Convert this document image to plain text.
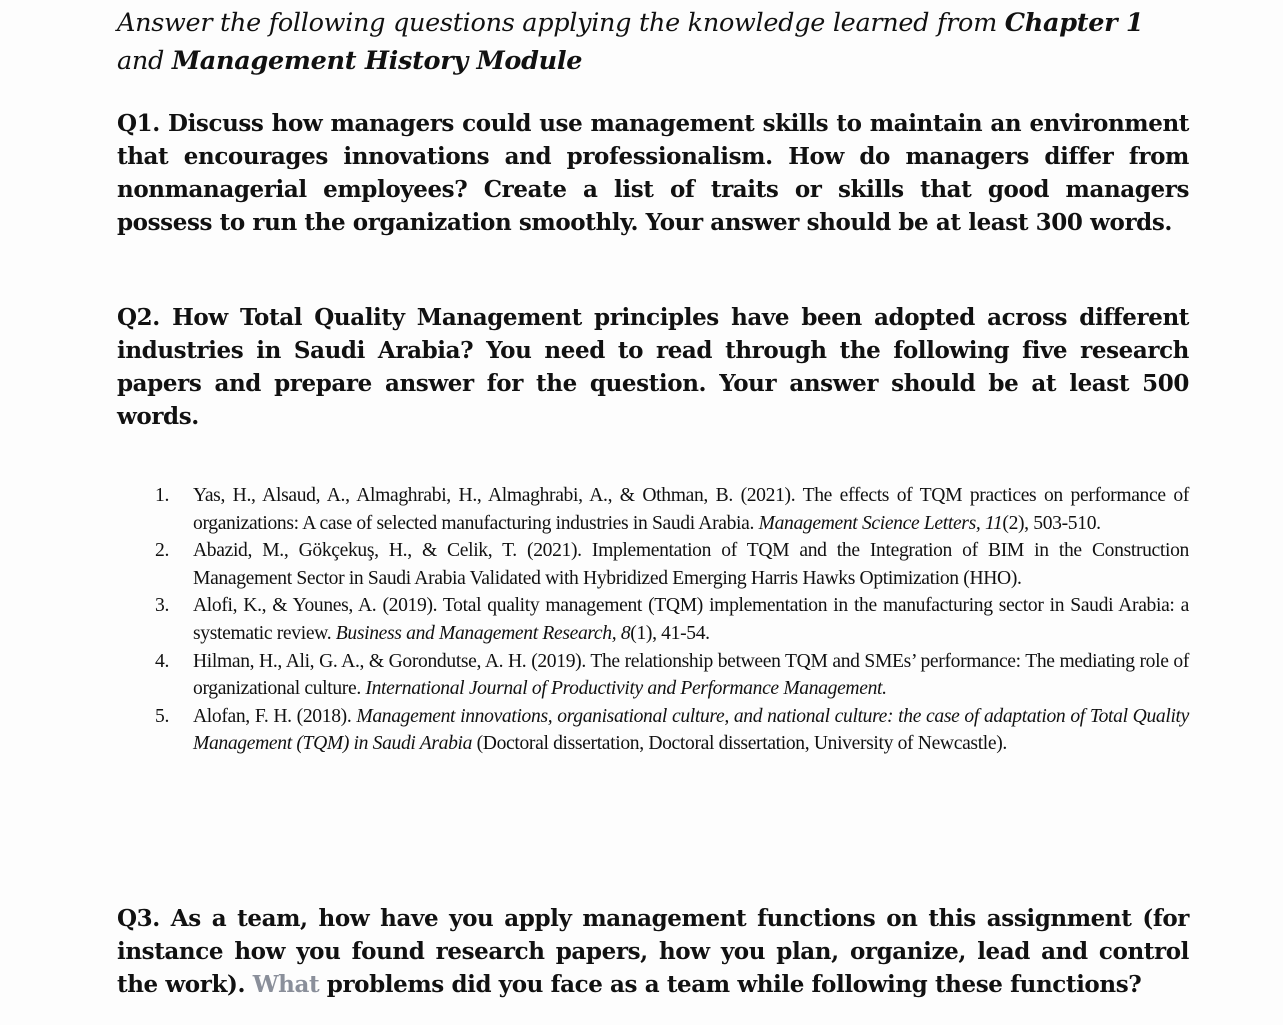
Answer the following questions applying the knowledge learned from Chapter 1 and Management History Module
Q1. Discuss how managers could use management skills to maintain an environment that encourages innovations and professionalism. How do managers differ from nonmanagerial employees? Create a list of traits or skills that good managers possess to run the organization smoothly. Your answer should be at least 300 words.
Q2. How Total Quality Management principles have been adopted across different industries in Saudi Arabia? You need to read through the following five research papers and prepare answer for the question. Your answer should be at least 500 words.
1. Yas, H., Alsaud, A., Almaghrabi, H., Almaghrabi, A., & Othman, B. (2021). The effects of TQM practices on performance of organizations: A case of selected manufacturing industries in Saudi Arabia. Management Science Letters, 11(2), 503-510.
2. Abazid, M., Gökçekuş, H., & Celik, T. (2021). Implementation of TQM and the Integration of BIM in the Construction Management Sector in Saudi Arabia Validated with Hybridized Emerging Harris Hawks Optimization (HHO).
3. Alofi, K., & Younes, A. (2019). Total quality management (TQM) implementation in the manufacturing sector in Saudi Arabia: a systematic review. Business and Management Research, 8(1), 41-54.
4. Hilman, H., Ali, G. A., & Gorondutse, A. H. (2019). The relationship between TQM and SMEs’ performance: The mediating role of organizational culture. International Journal of Productivity and Performance Management.
5. Alofan, F. H. (2018). Management innovations, organisational culture, and national culture: the case of adaptation of Total Quality Management (TQM) in Saudi Arabia (Doctoral dissertation, Doctoral dissertation, University of Newcastle).
Q3. As a team, how have you apply management functions on this assignment (for instance how you found research papers, how you plan, organize, lead and control the work). What problems did you face as a team while following these functions?
